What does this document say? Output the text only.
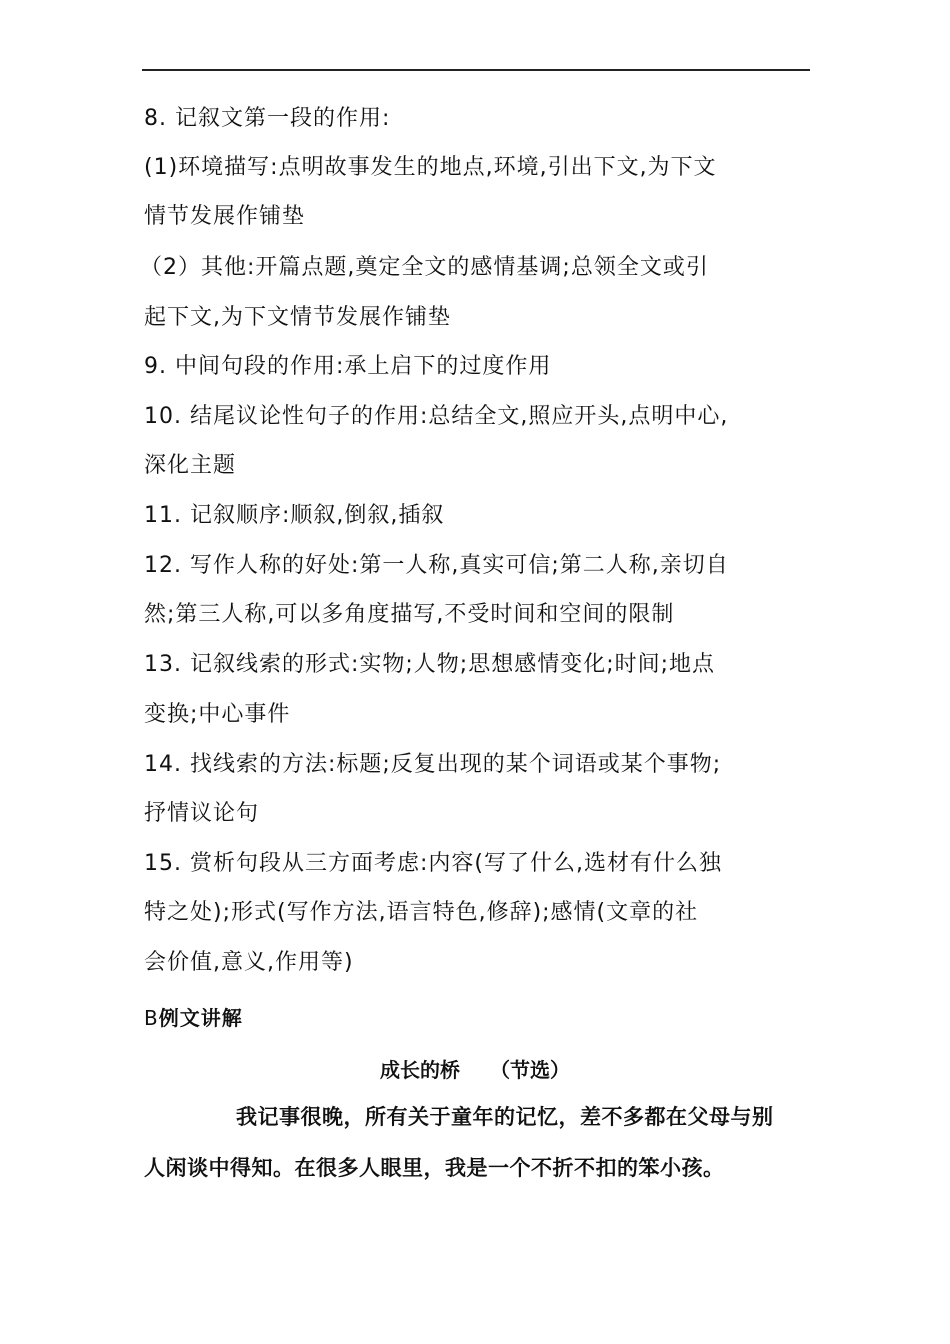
8. 记叙文第一段的作用:
(1)环境描写:点明故事发生的地点,环境,引出下文,为下文
情节发展作铺垫
（2）其他:开篇点题,奠定全文的感情基调;总领全文或引
起下文,为下文情节发展作铺垫
9. 中间句段的作用:承上启下的过度作用
10. 结尾议论性句子的作用:总结全文,照应开头,点明中心,
深化主题
11. 记叙顺序:顺叙,倒叙,插叙
12. 写作人称的好处:第一人称,真实可信;第二人称,亲切自
然;第三人称,可以多角度描写,不受时间和空间的限制
13. 记叙线索的形式:实物;人物;思想感情变化;时间;地点
变换;中心事件
14. 找线索的方法:标题;反复出现的某个词语或某个事物;
抒情议论句
15. 赏析句段从三方面考虑:内容(写了什么,选材有什么独
特之处);形式(写作方法,语言特色,修辞);感情(文章的社
会价值,意义,作用等)
B例文讲解
成长的桥　　（节选）
我记事很晚，所有关于童年的记忆，差不多都在父母与别
人闲谈中得知。在很多人眼里，我是一个不折不扣的笨小孩。
